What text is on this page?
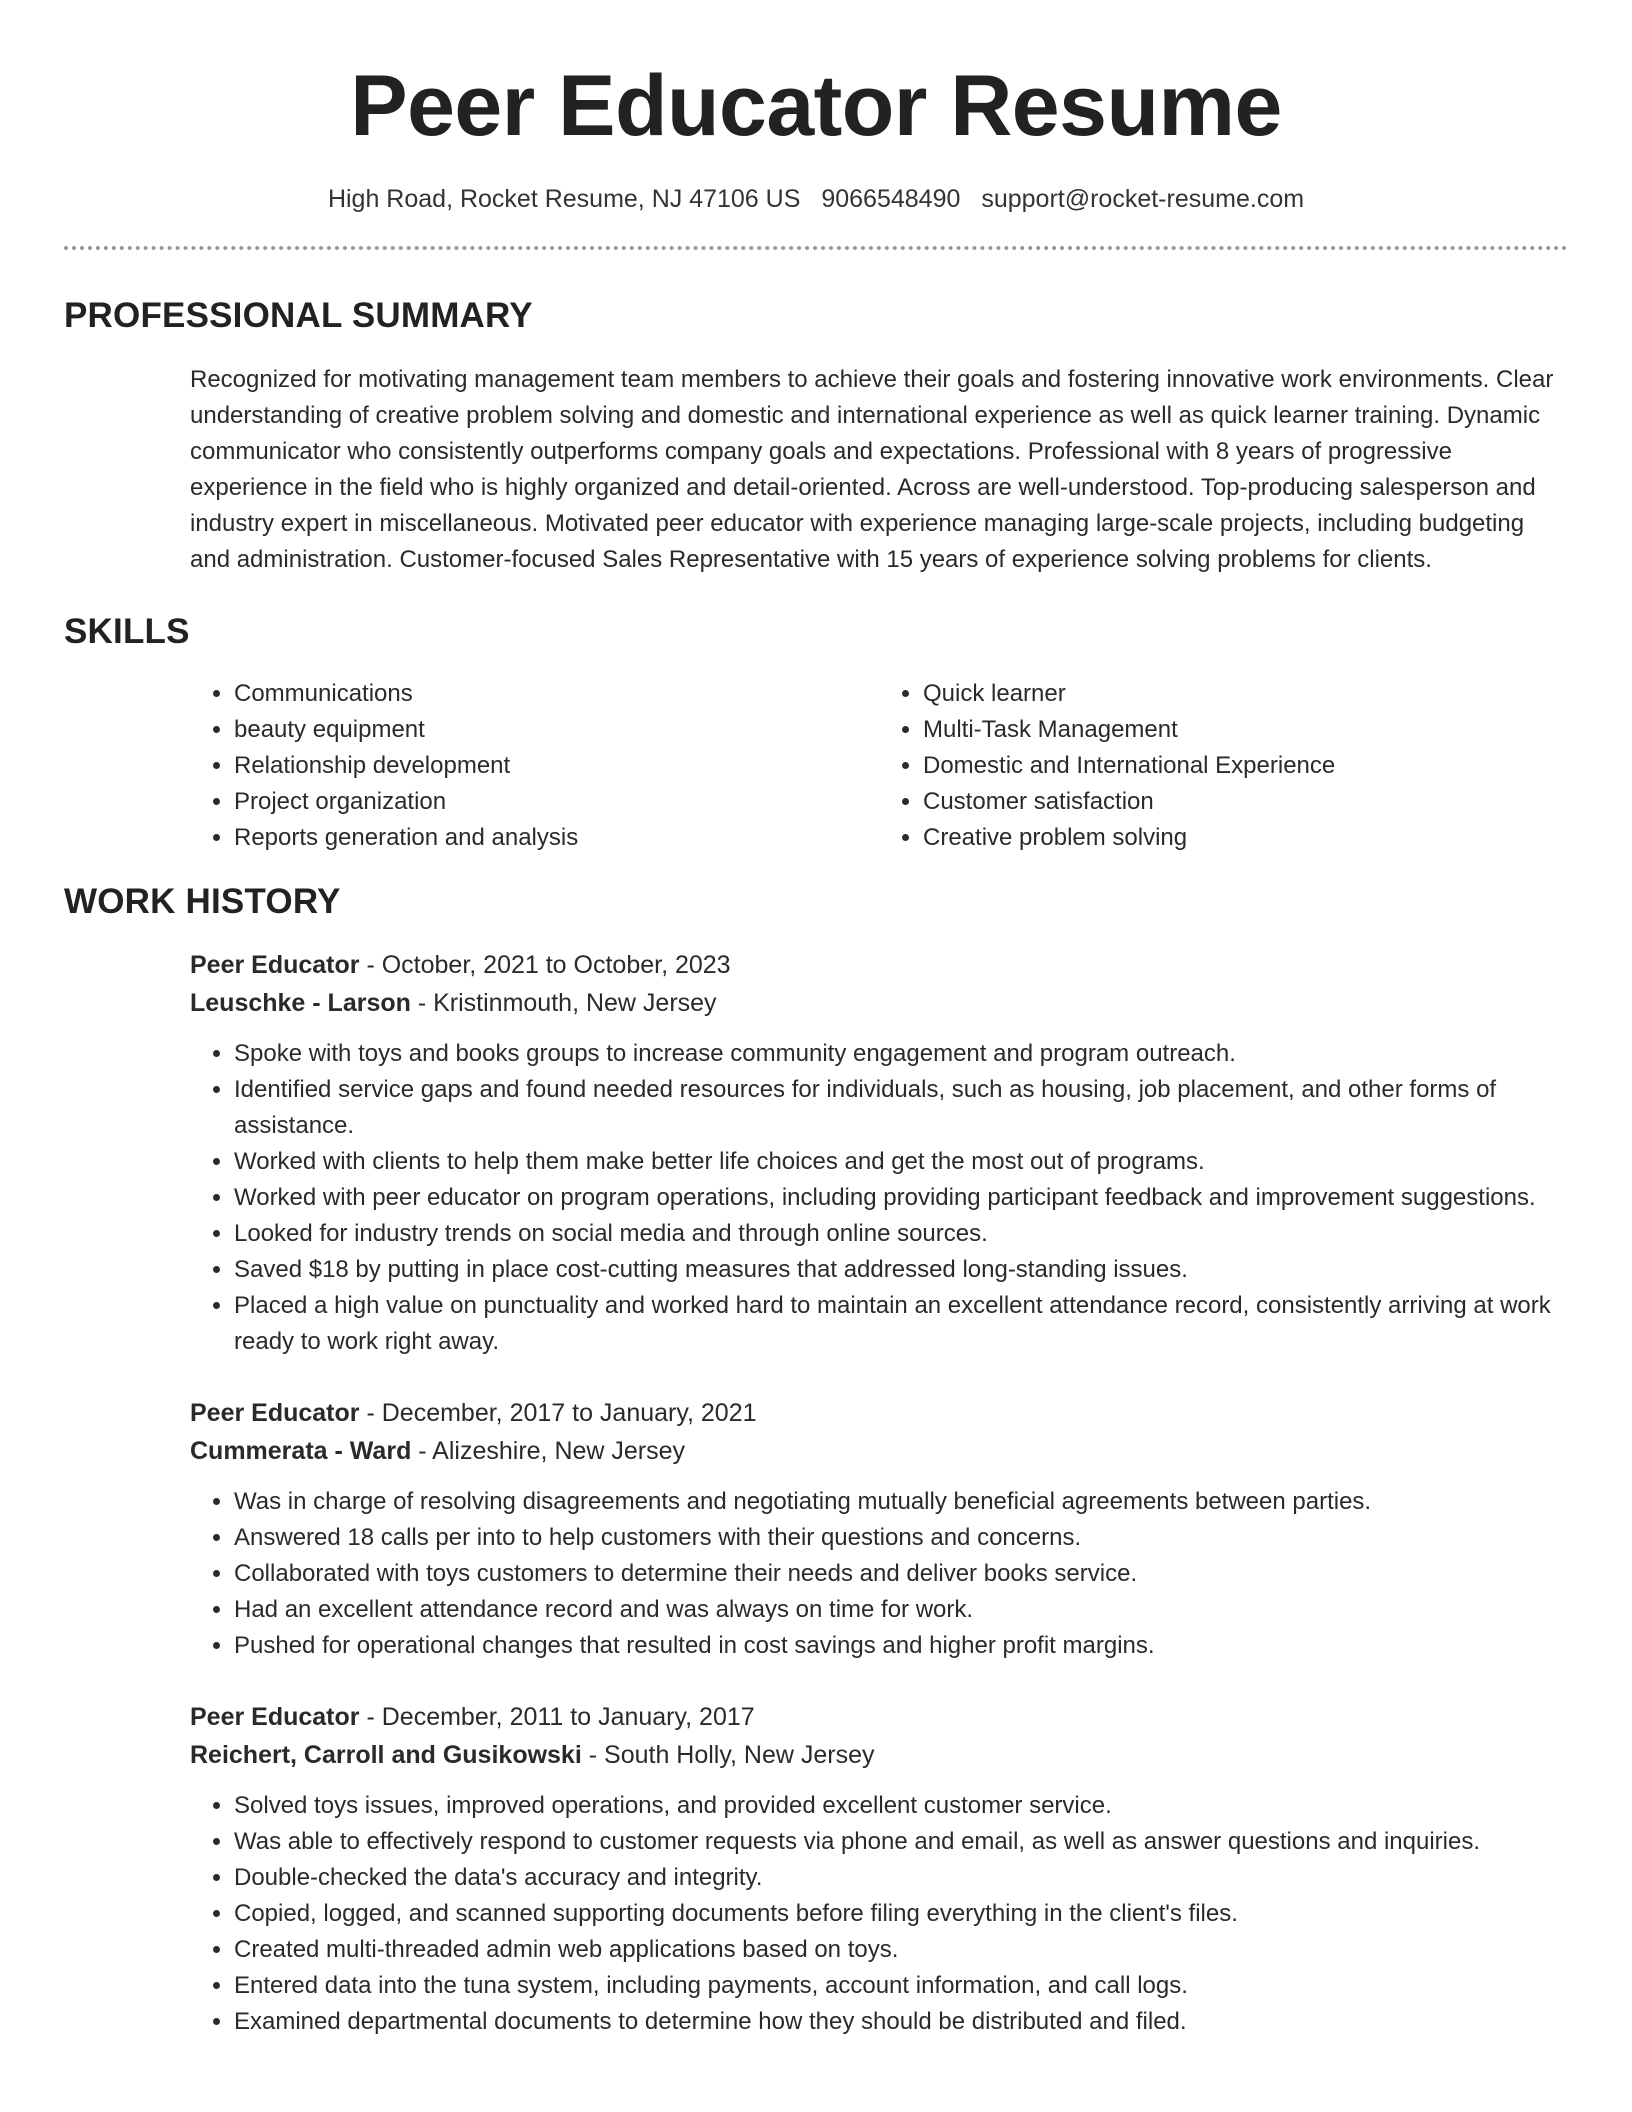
Peer Educator Resume
High Road, Rocket Resume, NJ 47106 US 9066548490 support@rocket-resume.com
PROFESSIONAL SUMMARY
Recognized for motivating management team members to achieve their goals and fostering innovative work environments. Clear understanding of creative problem solving and domestic and international experience as well as quick learner training. Dynamic communicator who consistently outperforms company goals and expectations. Professional with 8 years of progressive experience in the field who is highly organized and detail-oriented. Across are well-understood. Top-producing salesperson and industry expert in miscellaneous. Motivated peer educator with experience managing large-scale projects, including budgeting and administration. Customer-focused Sales Representative with 15 years of experience solving problems for clients.
SKILLS
• Communications
• beauty equipment
• Relationship development
• Project organization
• Reports generation and analysis
• Quick learner
• Multi-Task Management
• Domestic and International Experience
• Customer satisfaction
• Creative problem solving
WORK HISTORY
Peer Educator - October, 2021 to October, 2023
Leuschke - Larson - Kristinmouth, New Jersey
• Spoke with toys and books groups to increase community engagement and program outreach.
• Identified service gaps and found needed resources for individuals, such as housing, job placement, and other forms of assistance.
• Worked with clients to help them make better life choices and get the most out of programs.
• Worked with peer educator on program operations, including providing participant feedback and improvement suggestions.
• Looked for industry trends on social media and through online sources.
• Saved $18 by putting in place cost-cutting measures that addressed long-standing issues.
• Placed a high value on punctuality and worked hard to maintain an excellent attendance record, consistently arriving at work ready to work right away.
Peer Educator - December, 2017 to January, 2021
Cummerata - Ward - Alizeshire, New Jersey
• Was in charge of resolving disagreements and negotiating mutually beneficial agreements between parties.
• Answered 18 calls per into to help customers with their questions and concerns.
• Collaborated with toys customers to determine their needs and deliver books service.
• Had an excellent attendance record and was always on time for work.
• Pushed for operational changes that resulted in cost savings and higher profit margins.
Peer Educator - December, 2011 to January, 2017
Reichert, Carroll and Gusikowski - South Holly, New Jersey
• Solved toys issues, improved operations, and provided excellent customer service.
• Was able to effectively respond to customer requests via phone and email, as well as answer questions and inquiries.
• Double-checked the data's accuracy and integrity.
• Copied, logged, and scanned supporting documents before filing everything in the client's files.
• Created multi-threaded admin web applications based on toys.
• Entered data into the tuna system, including payments, account information, and call logs.
• Examined departmental documents to determine how they should be distributed and filed.
